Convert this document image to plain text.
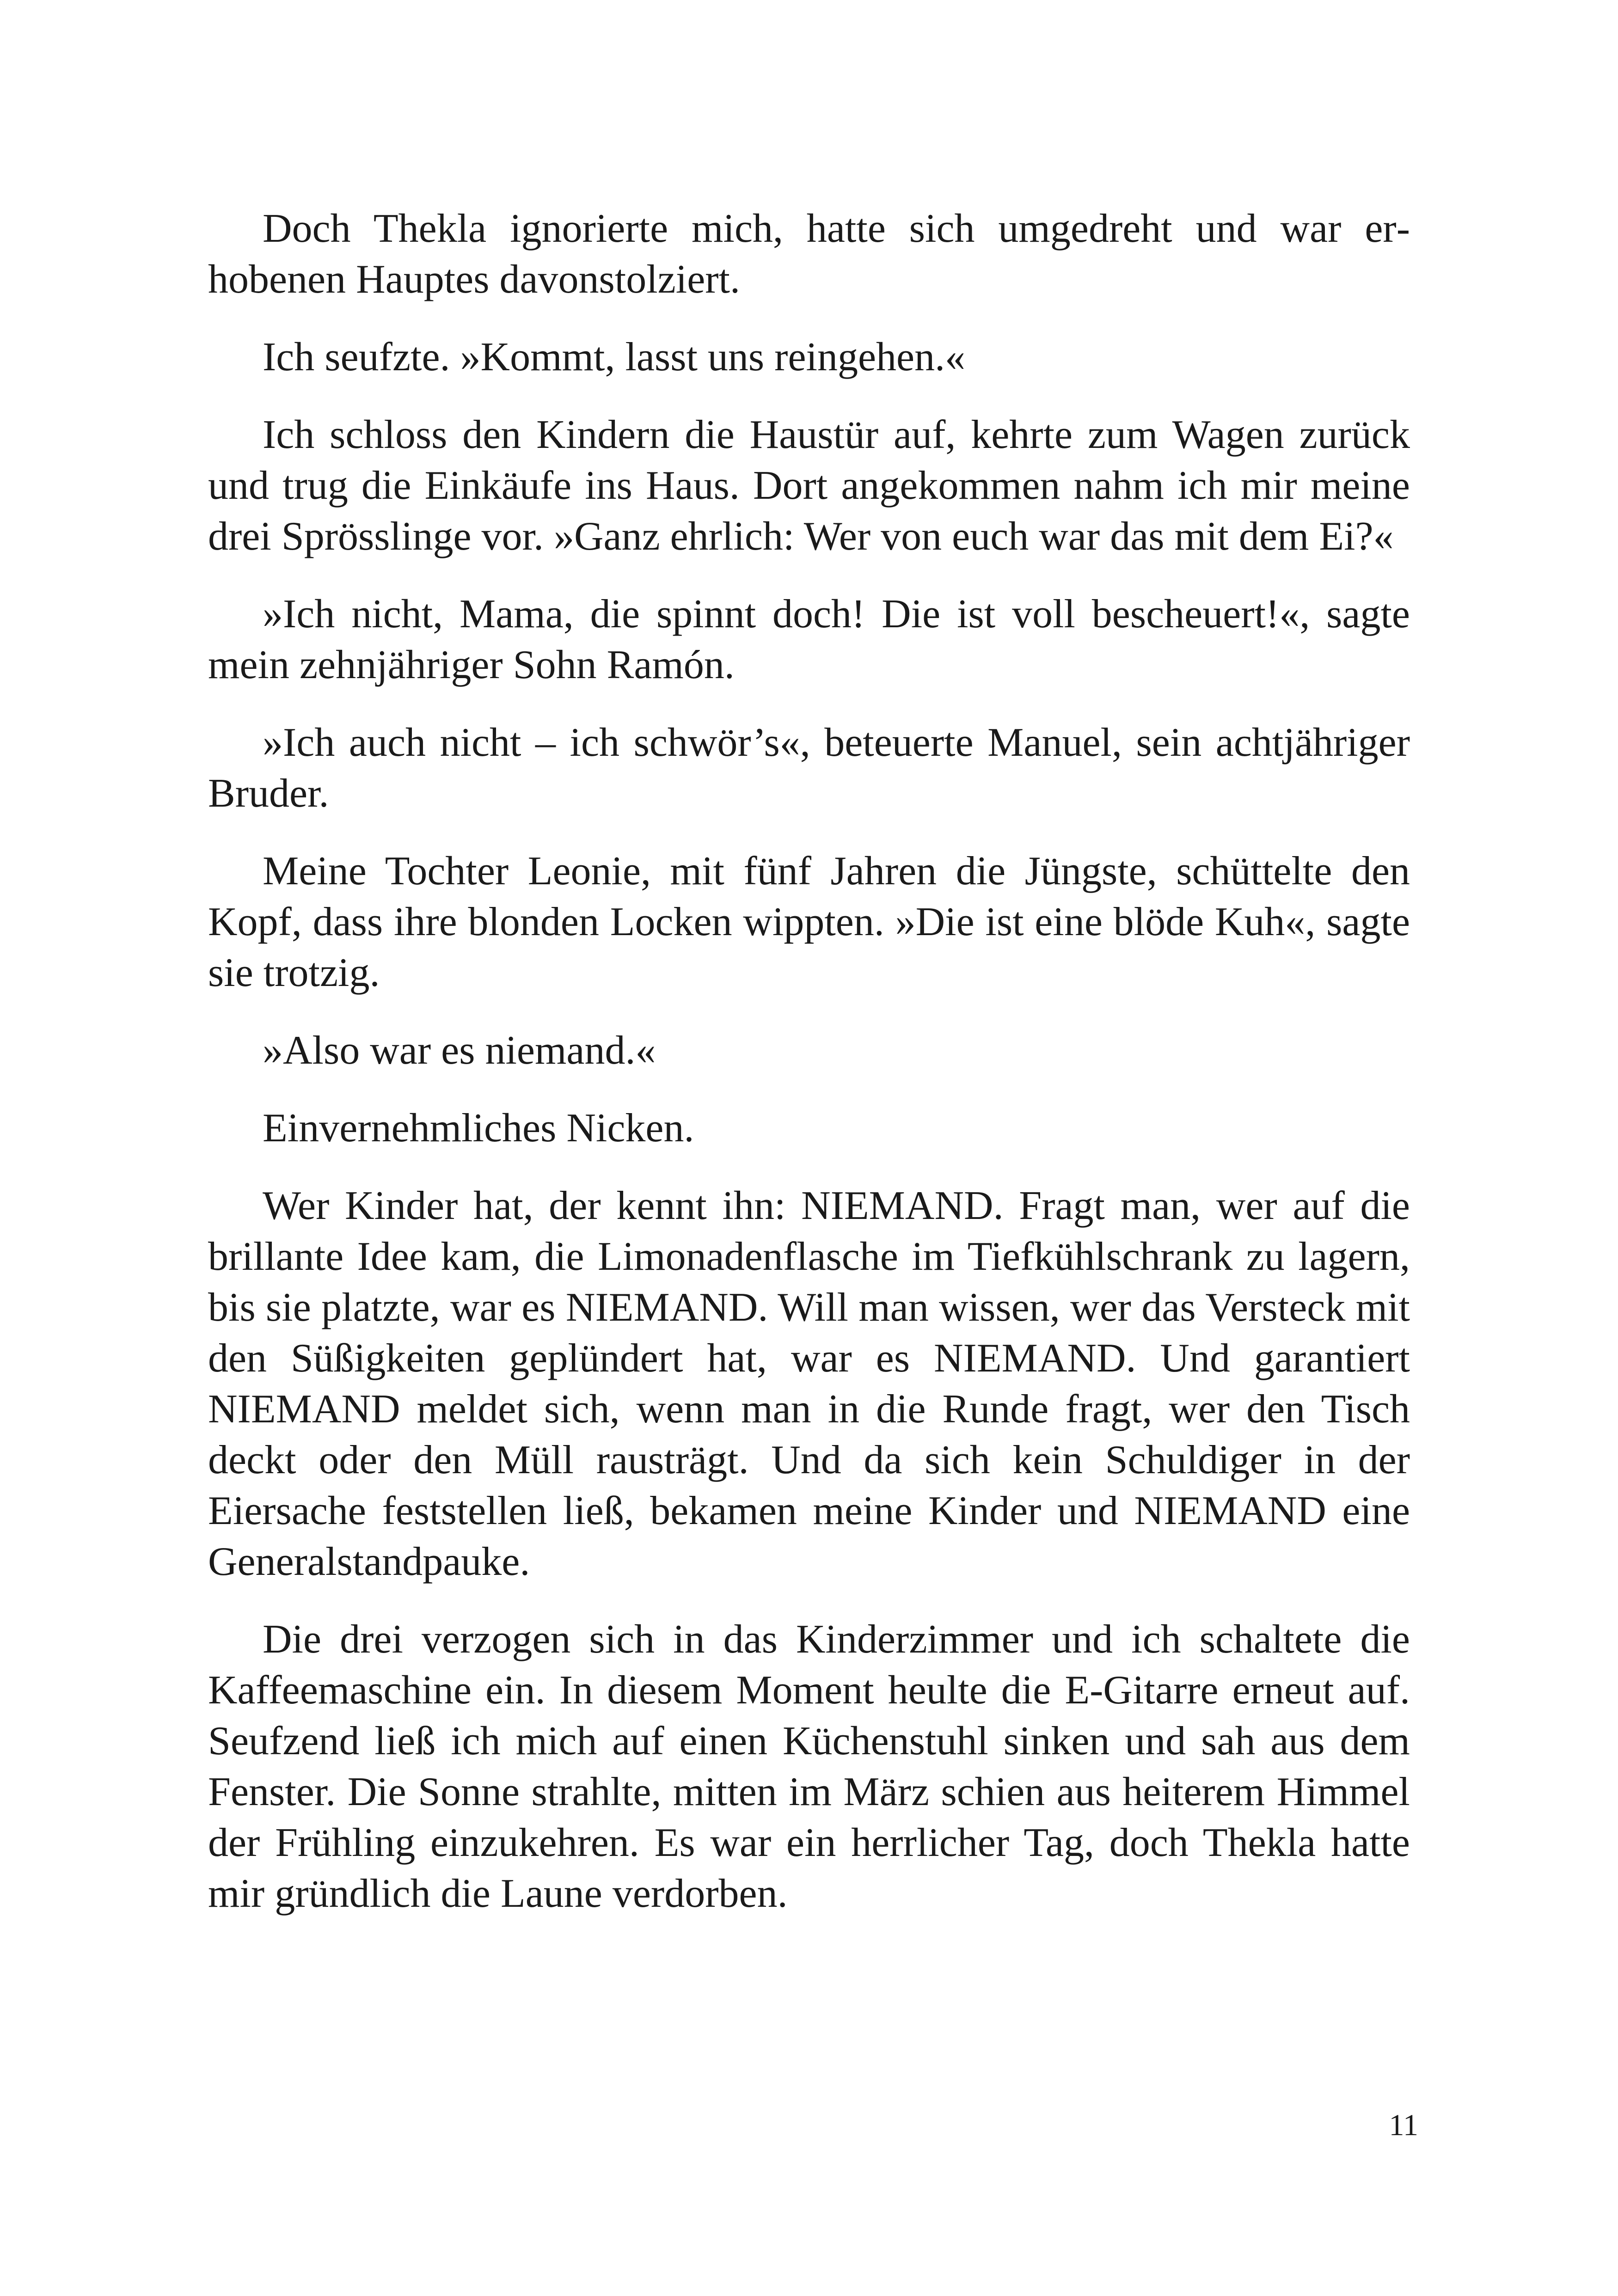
Doch Thekla ignorierte mich, hatte sich umgedreht und war erhobenen Hauptes davonstolziert.

Ich seufzte. »Kommt, lasst uns reingehen.«

Ich schloss den Kindern die Haustür auf, kehrte zum Wagen zurück und trug die Einkäufe ins Haus. Dort angekommen nahm ich mir meine drei Sprösslinge vor. »Ganz ehrlich: Wer von euch war das mit dem Ei?«

»Ich nicht, Mama, die spinnt doch! Die ist voll bescheuert!«, sagte mein zehnjähriger Sohn Ramón.

»Ich auch nicht – ich schwör’s«, beteuerte Manuel, sein achtjähriger Bruder.

Meine Tochter Leonie, mit fünf Jahren die Jüngste, schüttelte den Kopf, dass ihre blonden Locken wippten. »Die ist eine blöde Kuh«, sagte sie trotzig.

»Also war es niemand.«

Einvernehmliches Nicken.

Wer Kinder hat, der kennt ihn: NIEMAND. Fragt man, wer auf die brillante Idee kam, die Limonadenflasche im Tiefkühlschrank zu lagern, bis sie platzte, war es NIEMAND. Will man wissen, wer das Versteck mit den Süßigkeiten geplündert hat, war es NIEMAND. Und garantiert NIEMAND meldet sich, wenn man in die Runde fragt, wer den Tisch deckt oder den Müll rausträgt. Und da sich kein Schuldiger in der Eiersache feststellen ließ, bekamen meine Kinder und NIEMAND eine Generalstandpauke.

Die drei verzogen sich in das Kinderzimmer und ich schaltete die Kaffeemaschine ein. In diesem Moment heulte die E-Gitarre erneut auf. Seufzend ließ ich mich auf einen Küchenstuhl sinken und sah aus dem Fenster. Die Sonne strahlte, mitten im März schien aus heiterem Himmel der Frühling einzukehren. Es war ein herrlicher Tag, doch Thekla hatte mir gründlich die Laune verdorben.

11
